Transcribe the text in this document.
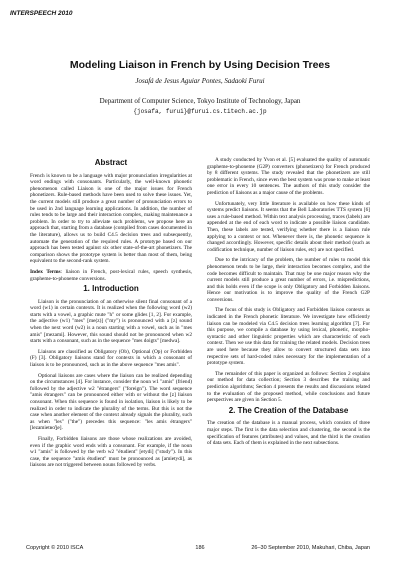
INTERSPEECH 2010
Modeling Liaison in French by Using Decision Trees
Josafá de Jesus Aguiar Pontes, Sadaoki Furui
Department of Computer Science, Tokyo Institute of Technology, Japan
{josafa, furui}@furui.cs.titech.ac.jp
Abstract

French is known to be a language with major pronunciation irregularities at word endings with consonants. Particularly, the well-known phonetic phenomenon called Liaison is one of the major issues for French phonetizers. Rule-based methods have been used to solve these issues. Yet, the current models still produce a great number of pronunciation errors to be used in 2nd language learning applications. In addition, the number of rules tends to be large and their interaction complex, making maintenance a problem. In order to try to alleviate such problems, we propose here an approach that, starting from a database (compiled from cases documented in the literature), allows us to build C4.5 decision trees and subsequently, automate the generation of the required rules. A prototype based on our approach has been tested against six other state-of-the-art phonetizers. The comparison shows the prototype system is better than most of them, being equivalent to the second-rank system.

Index Terms: liaison in French, post-lexical rules, speech synthesis, grapheme-to-phoneme conversions.

1. Introduction

Liaison is the pronunciation of an otherwise silent final consonant of a word (w1) in certain contexts. It is realized when the following word (w2) starts with a vowel, a graphic mute "h" or some glides [1, 2]. For example, the adjective (w1) "mes" [me(z)] ("my") is pronounced with a [z] sound when the next word (w2) is a noun starting with a vowel, such as in "mes amis" [mezami]. However, this sound should not be pronounced when w2 starts with a consonant, such as in the sequence "mes doigts" [medwa].

Liaisons are classified as Obligatory (Ob), Optional (Op) or Forbidden (F) [3]. Obligatory liaisons stand for contexts in which a consonant of liaison is to be pronounced, such as in the above sequence "mes amis".

Optional liaisons are cases where the liaison can be realized depending on the circumstances [4]. For instance, consider the noun w1 "amis" (friend) followed by the adjective w2 "étrangers" ("foreign"). The word sequence "amis étrangers" can be pronounced either with or without the [z] liaison consonant. When this sequence is found in isolation, liaison is likely to be realized in order to indicate the plurality of the terms. But this is not the case when another element of the context already signals the plurality, such as when "les" ("the") precedes this sequence: "les amis étrangers" [lezamietʁɑ̃ʒe].

Finally, Forbidden liaisons are those whose realizations are avoided, even if the graphic word ends with a consonant. For example, if the noun w1 "amis" is followed by the verb w2 "étudient" [etydi] ("study"). In this case, the sequence "amis étudient" must be pronounced as [amietydi], as liaisons are not triggered between nouns followed by verbs.

A study conducted by Yvon et al. [5] evaluated the quality of automatic grapheme-to-phoneme (G2P) converters (phonetizers) for French produced by 8 different systems. The study revealed that the phonetizers are still problematic in French, since even the best system was prone to make at least one error in every 10 sentences. The authors of this study consider the prediction of liaisons as a major cause of the problems.

Unfortunately, very little literature is available on how these kinds of systems predict liaisons. It seems that the Bell Laboratories TTS system [6] uses a rule-based method. Within text analysis processing, traces (labels) are appended at the end of each word to indicate a possible liaison candidate. Then, these labels are tested, verifying whether there is a liaison rule applying to a context or not. Whenever there is, the phonetic sequence is changed accordingly. However, specific details about their method (such as codification technique, number of liaison rules, etc) are not specified.

Due to the intricacy of the problem, the number of rules to model this phenomenon tends to be large, their interaction becomes complex, and the code becomes difficult to maintain. That may be one major reason why the current models still produce a great number of errors, i.e. mispredictions, and this holds even if the scope is only Obligatory and Forbidden liaisons. Hence our motivation is to improve the quality of the French G2P conversions.

The focus of this study is Obligatory and Forbidden liaison contexts as indicated in the French phonetic literature. We investigate how efficiently liaison can be modeled via C4.5 decision trees learning algorithm [7]. For this purpose, we compile a database by using lexical, phonetic, morpho-syntactic and other linguistic properties which are characteristic of each context. Then we use this data for training the related models. Decision trees are used here because they allow to convert structured data sets into respective sets of hard-coded rules necessary for the implementation of a prototype system.

The remainder of this paper is organized as follows: Section 2 explains our method for data collection; Section 3 describes the training and prediction algorithms; Section 4 presents the results and discussions related to the evaluation of the proposed method, while conclusions and future perspectives are given in Section 5.

2. The Creation of the Database

The creation of the database is a manual process, which consists of three major steps. The first is the data selection and clustering, the second is the specification of features (attributes) and values, and the third is the creation of data sets. Each of them is explained in the next subsections.

Copyright © 2010 ISCA	186	26–30 September 2010, Makuhari, Chiba, Japan
